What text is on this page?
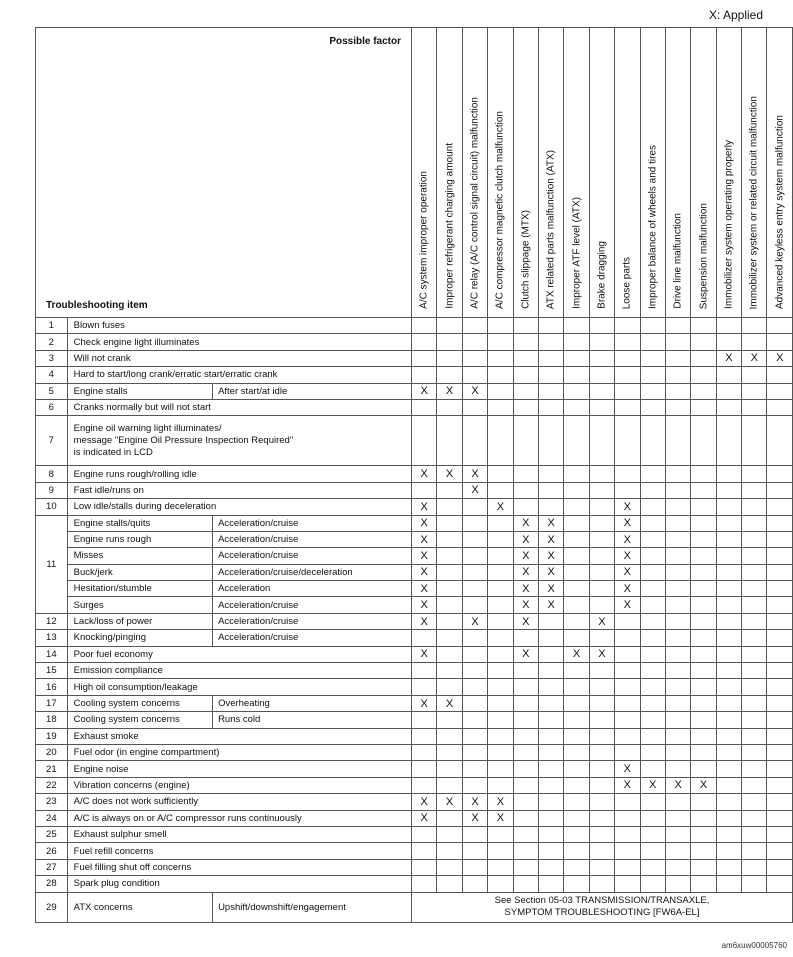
X: Applied
Possible factor
Troubleshooting item			A/C system improper operation	Improper refrigerant charging amount	A/C relay (A/C control signal circuit) malfunction	A/C compressor magnetic clutch malfunction	Clutch slippage (MTX)	ATX related parts malfunction (ATX)	Improper ATF level (ATX)	Brake dragging	Loose parts	Improper balance of wheels and tires	Drive line malfunction	Suspension malfunction	Immobilizer system operating properly	Immobilizer system or related circuit malfunction	Advanced keyless entry system malfunction

1	Blown fuses																
2	Check engine light illuminates																
3	Will not crank														X	X	X
4	Hard to start/long crank/erratic start/erratic crank																
5	Engine stalls	After start/at idle	X	X	X												
6	Cranks normally but will not start																
7	Engine oil warning light illuminates/
message "Engine Oil Pressure Inspection Required"
is indicated in LCD																
8	Engine runs rough/rolling idle		X	X	X												
9	Fast idle/runs on				X												
10	Low idle/stalls during deceleration		X			X					X						
11	Engine stalls/quits	Acceleration/cruise	X				X	X			X						
	Engine runs rough	Acceleration/cruise	X				X	X			X						
	Misses	Acceleration/cruise	X				X	X			X						
	Buck/jerk	Acceleration/cruise/deceleration	X				X	X			X						
	Hesitation/stumble	Acceleration	X				X	X			X						
	Surges	Acceleration/cruise	X				X	X			X						
12	Lack/loss of power	Acceleration/cruise	X		X		X			X							
13	Knocking/pinging	Acceleration/cruise															
14	Poor fuel economy		X				X		X	X							
15	Emission compliance																
16	High oil consumption/leakage																
17	Cooling system concerns	Overheating	X	X													
18	Cooling system concerns	Runs cold															
19	Exhaust smoke																
20	Fuel odor (in engine compartment)																
21	Engine noise										X						
22	Vibration concerns (engine)										X	X	X	X			
23	A/C does not work sufficiently		X	X	X	X											
24	A/C is always on or A/C compressor runs continuously		X		X	X											
25	Exhaust sulphur smell																
26	Fuel refill concerns																
27	Fuel filling shut off concerns																
28	Spark plug condition																
29	ATX concerns	Upshift/downshift/engagement	See Section 05-03 TRANSMISSION/TRANSAXLE,
SYMPTOM TROUBLESHOOTING [FW6A-EL]														
am6xuw00005760
